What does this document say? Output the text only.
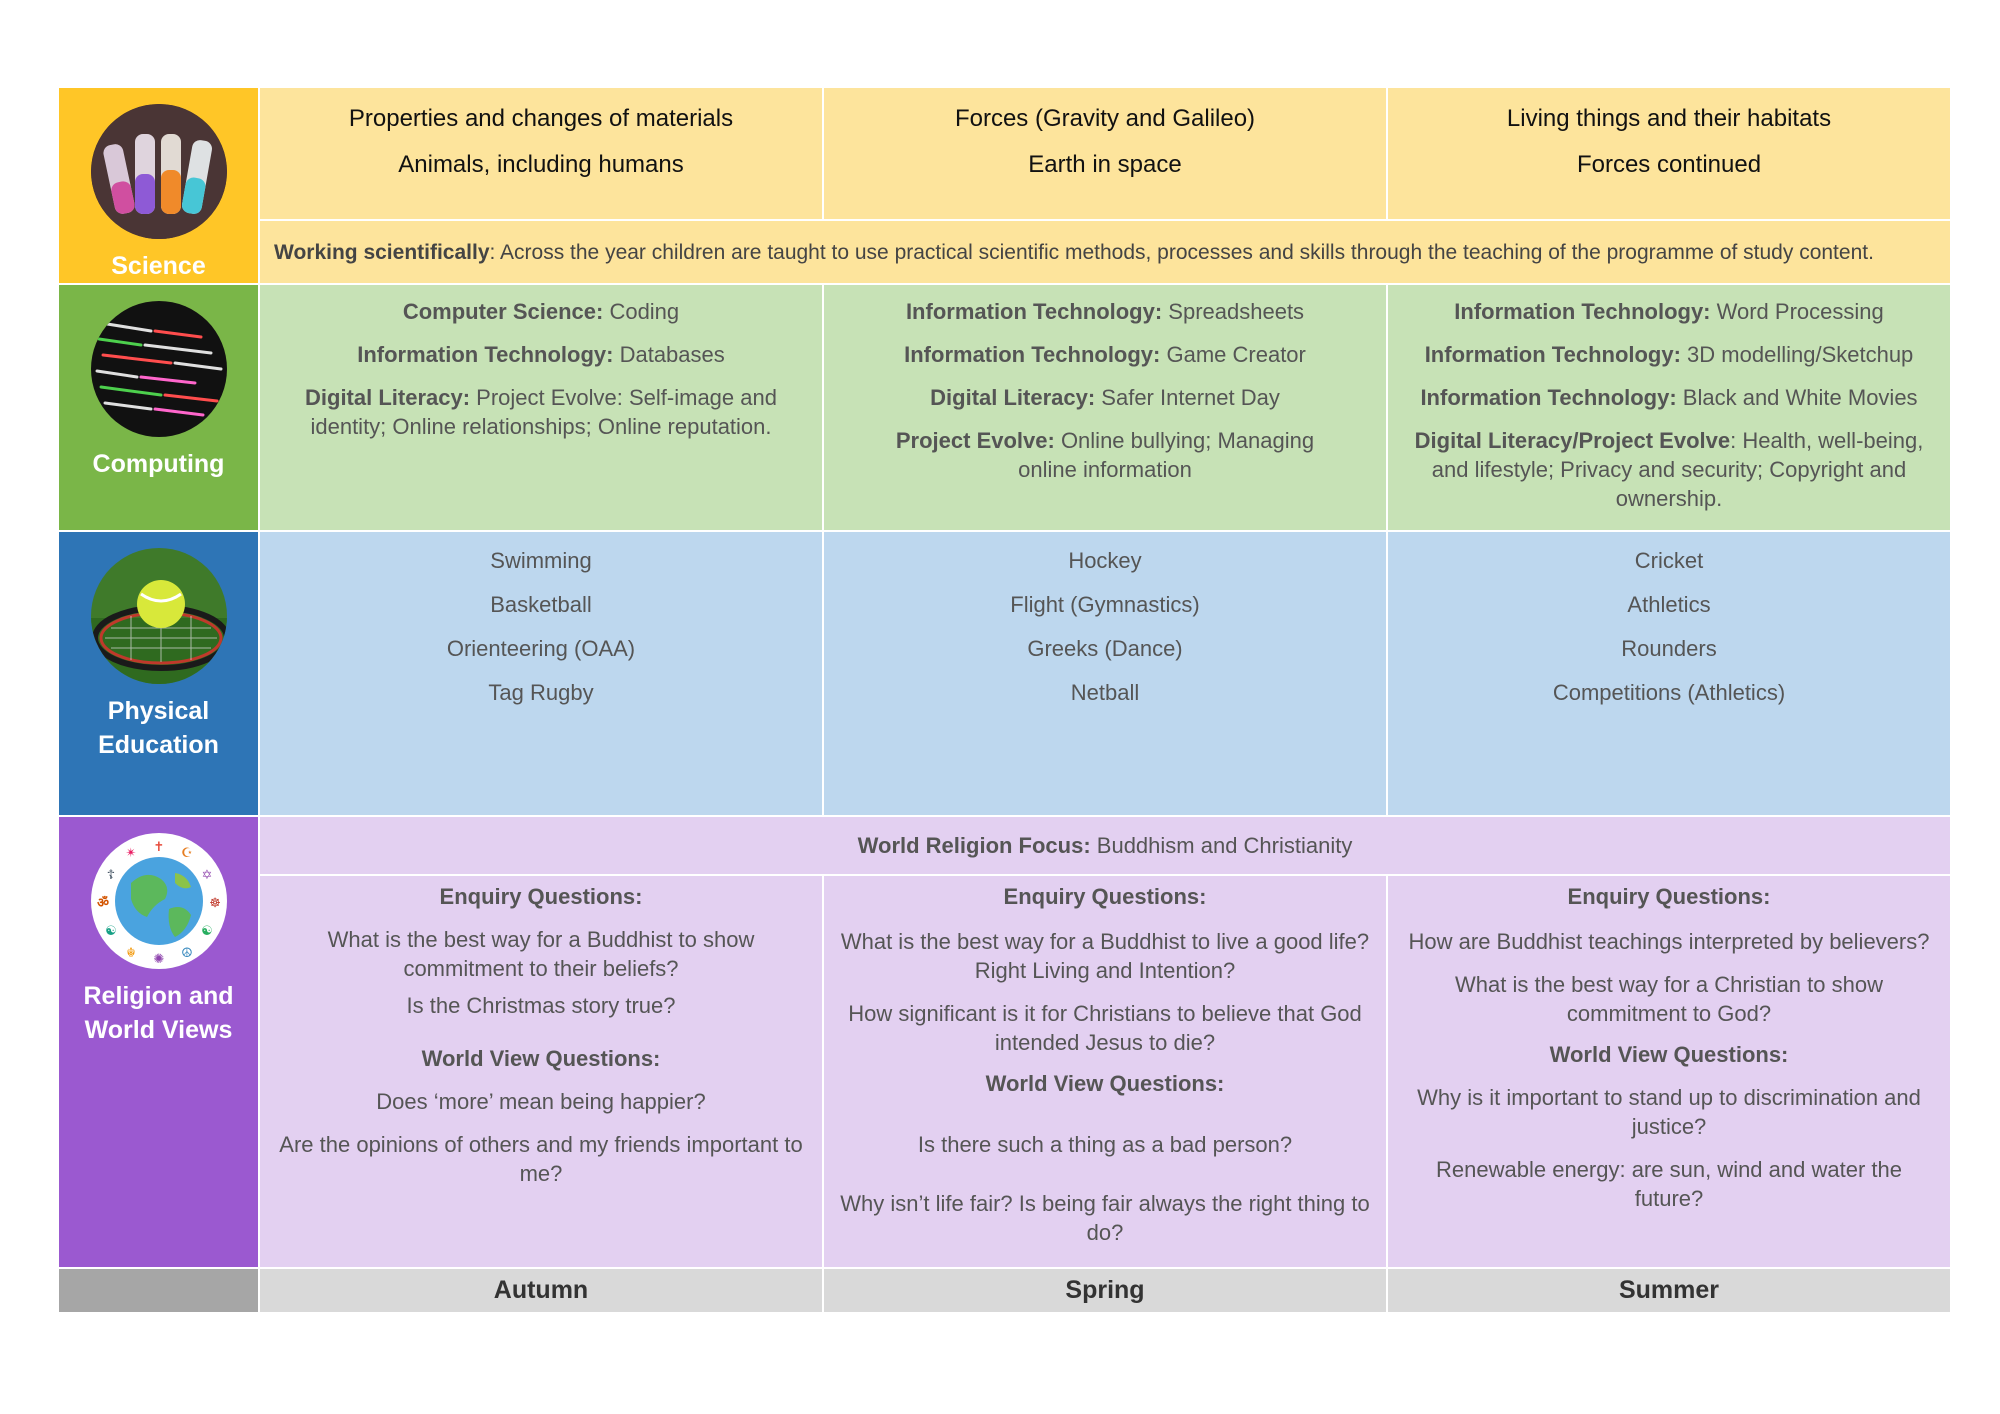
Science

Properties and changes of materials

Animals, including humans

Forces (Gravity and Galileo)

Earth in space

Living things and their habitats

Forces continued

Working scientifically: Across the year children are taught to use practical scientific methods, processes and skills through the teaching of the programme of study content.
Computing

Computer Science: Coding

Information Technology: Databases

Digital Literacy: Project Evolve: Self-image and identity; Online relationships; Online reputation.

Information Technology: Spreadsheets

Information Technology: Game Creator

Digital Literacy: Safer Internet Day

Project Evolve: Online bullying; Managing online information

Information Technology: Word Processing

Information Technology: 3D modelling/Sketchup

Information Technology: Black and White Movies

Digital Literacy/Project Evolve: Health, well-being, and lifestyle; Privacy and security; Copyright and ownership.

Physical
Education

Swimming

Basketball

Orienteering (OAA)

Tag Rugby

Hockey

Flight (Gymnastics)

Greeks (Dance)

Netball

Cricket

Athletics

Rounders

Competitions (Athletics)

✝ ☪
✡
☸
☯
☮
✺
☬
☯
ॐ
☦
✴
Religion and
World Views
World Religion Focus: Buddhism and Christianity

Enquiry Questions:

What is the best way for a Buddhist to show commitment to their beliefs?

Is the Christmas story true?

World View Questions:

Does ‘more’ mean being happier?

Are the opinions of others and my friends important to me?

Enquiry Questions:

What is the best way for a Buddhist to live a good life? Right Living and Intention?

How significant is it for Christians to believe that God intended Jesus to die?

World View Questions:

Is there such a thing as a bad person?

Why isn’t life fair? Is being fair always the right thing to do?

Enquiry Questions:

How are Buddhist teachings interpreted by believers?

What is the best way for a Christian to show commitment to God?

World View Questions:

Why is it important to stand up to discrimination and justice?

Renewable energy: are sun, wind and water the future?

Autumn	Spring	Summer
